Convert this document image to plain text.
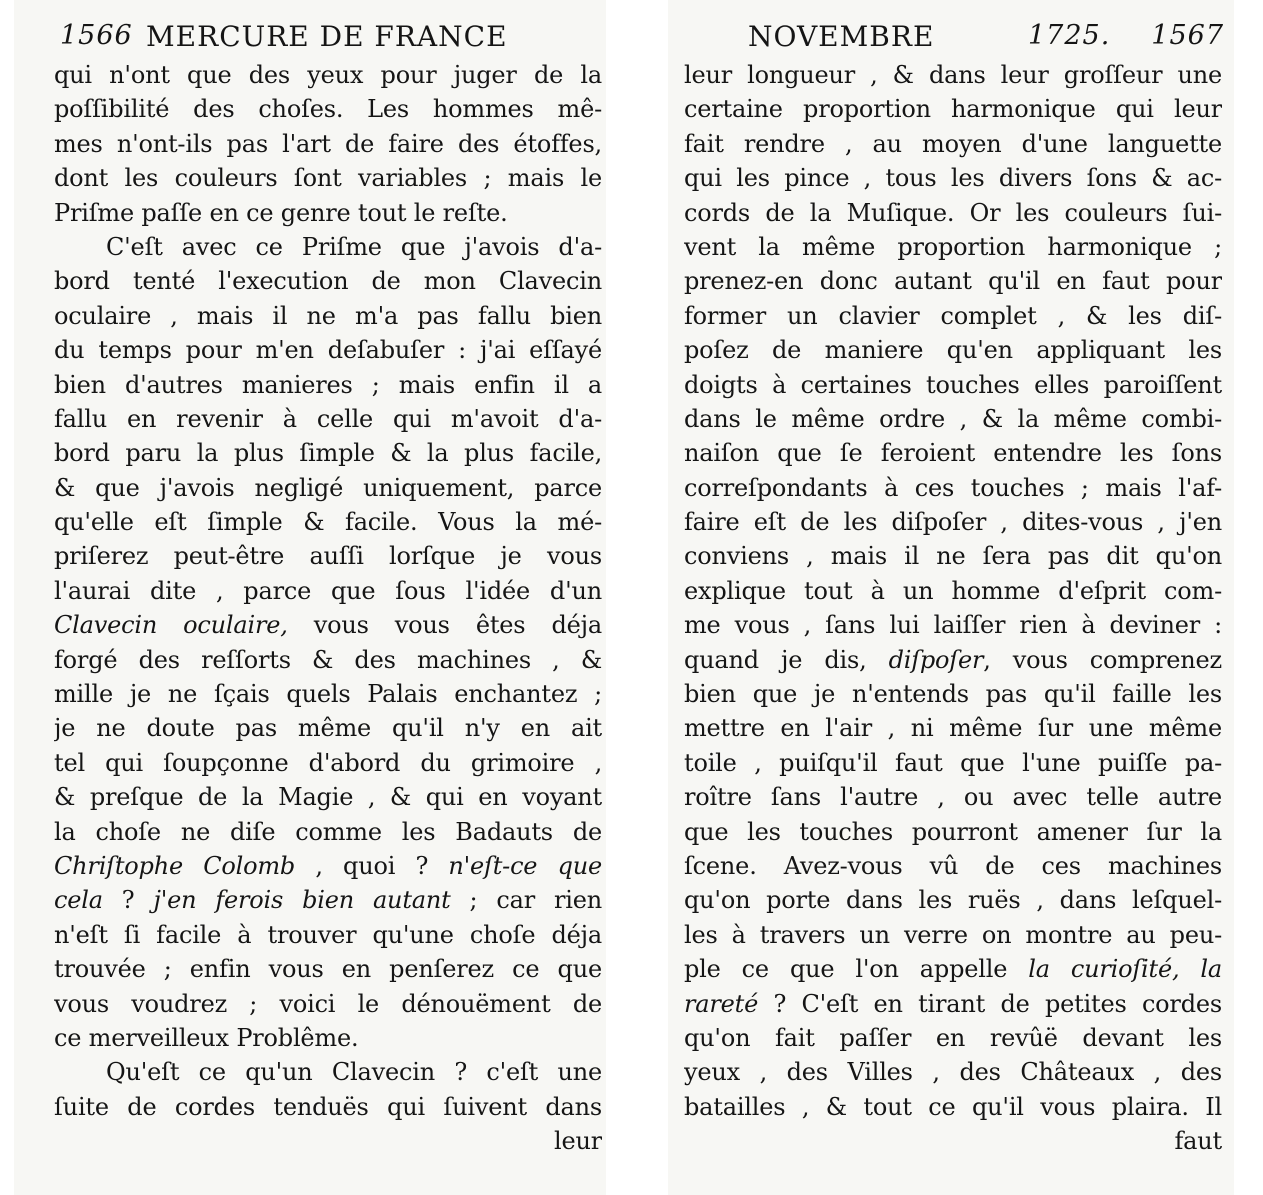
1566 MERCURE DE FRANCE
qui n'ont que des yeux pour juger de la
poſſibilité des choſes. Les hommes mê-
mes n'ont-ils pas l'art de faire des étoffes,
dont les couleurs ſont variables ; mais le
Priſme paſſe en ce genre tout le reſte.
C'eſt avec ce Priſme que j'avois d'a-
bord tenté l'execution de mon Clavecin
oculaire , mais il ne m'a pas fallu bien
du temps pour m'en deſabuſer : j'ai eſſayé
bien d'autres manieres ; mais enfin il a
fallu en revenir à celle qui m'avoit d'a-
bord paru la plus ſimple & la plus facile,
& que j'avois negligé uniquement, parce
qu'elle eſt ſimple & facile. Vous la mé-
priſerez peut-être auſſi lorſque je vous
l'aurai dite , parce que ſous l'idée d'un
Clavecin oculaire, vous vous êtes déja
forgé des reſſorts & des machines , &
mille je ne ſçais quels Palais enchantez ;
je ne doute pas même qu'il n'y en ait
tel qui ſoupçonne d'abord du grimoire ,
& preſque de la Magie , & qui en voyant
la choſe ne diſe comme les Badauts de
Chriſtophe Colomb , quoi ? n'eſt-ce que
cela ? j'en ferois bien autant ; car rien
n'eſt ſi facile à trouver qu'une choſe déja
trouvée ; enfin vous en penſerez ce que
vous voudrez ; voici le dénouëment de
ce merveilleux Problême.
Qu'eſt ce qu'un Clavecin ? c'eſt une
ſuite de cordes tenduës qui ſuivent dans
leur
NOVEMBRE	1725. 1567
leur longueur , & dans leur groſſeur une
certaine proportion harmonique qui leur
fait rendre , au moyen d'une languette
qui les pince , tous les divers ſons & ac-
cords de la Muſique. Or les couleurs ſui-
vent la même proportion harmonique ;
prenez-en donc autant qu'il en faut pour
former un clavier complet , & les diſ-
poſez de maniere qu'en appliquant les
doigts à certaines touches elles paroiſſent
dans le même ordre , & la même combi-
naiſon que ſe feroient entendre les ſons
correſpondants à ces touches ; mais l'af-
faire eſt de les diſpoſer , dites-vous , j'en
conviens , mais il ne ſera pas dit qu'on
explique tout à un homme d'eſprit com-
me vous , ſans lui laiſſer rien à deviner :
quand je dis, diſpoſer, vous comprenez
bien que je n'entends pas qu'il faille les
mettre en l'air , ni même ſur une même
toile , puiſqu'il faut que l'une puiſſe pa-
roître ſans l'autre , ou avec telle autre
que les touches pourront amener ſur la
ſcene. Avez-vous vû de ces machines
qu'on porte dans les ruës , dans leſquel-
les à travers un verre on montre au peu-
ple ce que l'on appelle la curioſité, la
rareté ? C'eſt en tirant de petites cordes
qu'on fait paſſer en revûë devant les
yeux , des Villes , des Châteaux , des
batailles , & tout ce qu'il vous plaira. Il
faut
